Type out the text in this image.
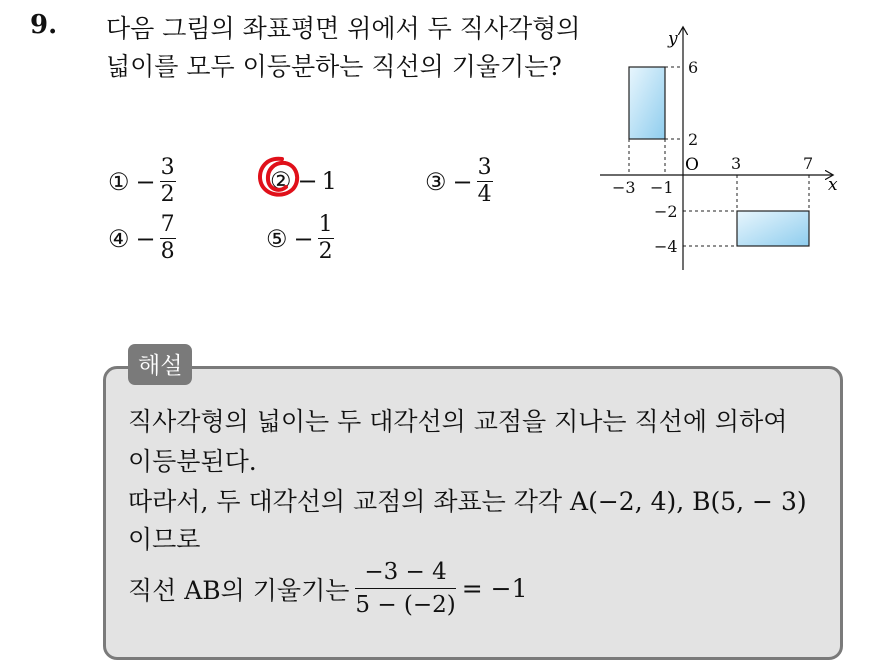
9. 다음 그림의 좌표평면 위에서 두 직사각형의 넓이를 모두 이등분하는 직선의 기울기는?
① − $\frac{3}{2}$	② − 1	③ − $\frac{3}{4}$
④ − $\frac{7}{8}$	⑤ − $\frac{1}{2}$
x
y
O
−3 −1
3	7
6
2
−2
−4
해설
직사각형의 넓이는 두 대각선의 교점을 지나는 직선에 의하여
이등분된다.
따라서, 두 대각선의 교점의 좌표는 각각 A(−2, 4), B(5, − 3)
이므로
직선 AB의 기울기는
−3 − 4
5 − (−2)
= −1
